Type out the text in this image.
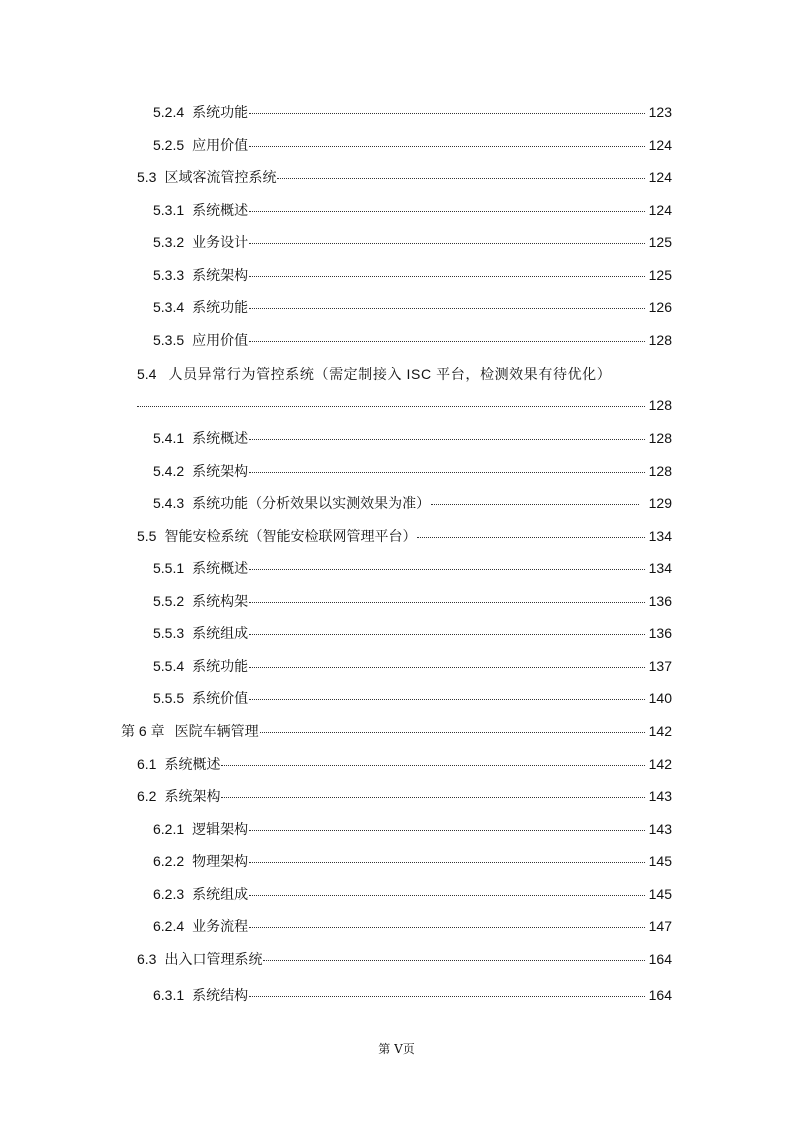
5.2.4 系统功能	123
5.2.5 应用价值	124
5.3 区域客流管控系统	124
5.3.1 系统概述	124
5.3.2 业务设计	125
5.3.3 系统架构	125
5.3.4 系统功能	126
5.3.5 应用价值	128
5.4 人员异常行为管控系统（需定制接入 ISC 平台，检测效果有待优化）
128
5.4.1 系统概述	128
5.4.2 系统架构	128
5.4.3 系统功能（分析效果以实测效果为准）	129
5.5 智能安检系统（智能安检联网管理平台）	134
5.5.1 系统概述	134
5.5.2 系统构架	136
5.5.3 系统组成	136
5.5.4 系统功能	137
5.5.5 系统价值	140
第 6 章 医院车辆管理	142
6.1 系统概述	142
6.2 系统架构	143
6.2.1 逻辑架构	143
6.2.2 物理架构	145
6.2.3 系统组成	145
6.2.4 业务流程	147
6.3 出入口管理系统	164
6.3.1 系统结构	164
第 V页
